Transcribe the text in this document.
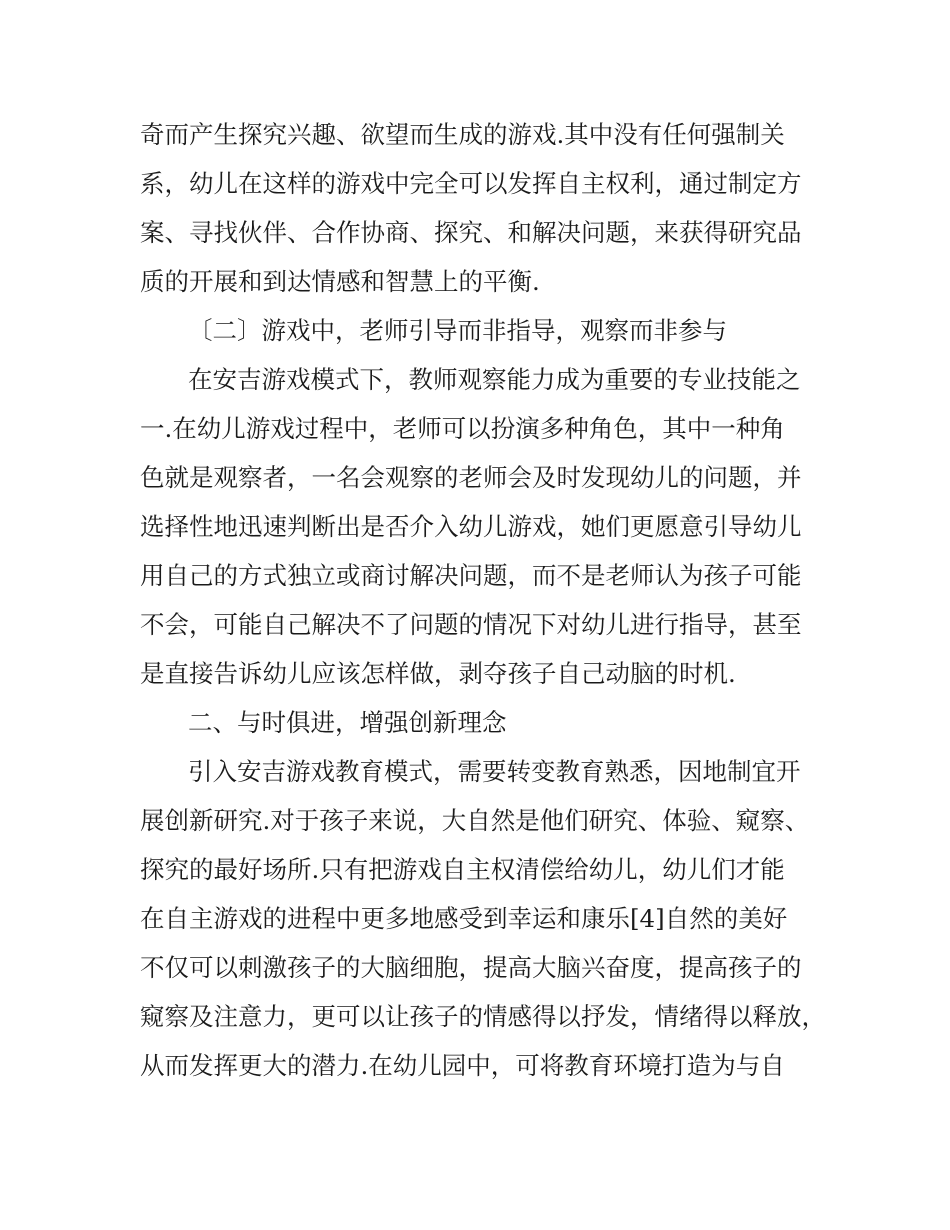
奇而产生探究兴趣、欲望而生成的游戏.其中没有任何强制关
系，幼儿在这样的游戏中完全可以发挥自主权利，通过制定方
案、寻找伙伴、合作协商、探究、和解决问题，来获得研究品
质的开展和到达情感和智慧上的平衡.
〔二〕游戏中，老师引导而非指导，观察而非参与
在安吉游戏模式下，教师观察能力成为重要的专业技能之
一.在幼儿游戏过程中，老师可以扮演多种角色，其中一种角
色就是观察者，一名会观察的老师会及时发现幼儿的问题，并
选择性地迅速判断出是否介入幼儿游戏，她们更愿意引导幼儿
用自己的方式独立或商讨解决问题，而不是老师认为孩子可能
不会，可能自己解决不了问题的情况下对幼儿进行指导，甚至
是直接告诉幼儿应该怎样做，剥夺孩子自己动脑的时机.
二、与时俱进，增强创新理念
引入安吉游戏教育模式，需要转变教育熟悉，因地制宜开
展创新研究.对于孩子来说，大自然是他们研究、体验、窥察、
探究的最好场所.只有把游戏自主权清偿给幼儿，幼儿们才能
在自主游戏的进程中更多地感受到幸运和康乐[4]自然的美好
不仅可以刺激孩子的大脑细胞，提高大脑兴奋度，提高孩子的
窥察及注意力，更可以让孩子的情感得以抒发，情绪得以释放，
从而发挥更大的潜力.在幼儿园中，可将教育环境打造为与自
